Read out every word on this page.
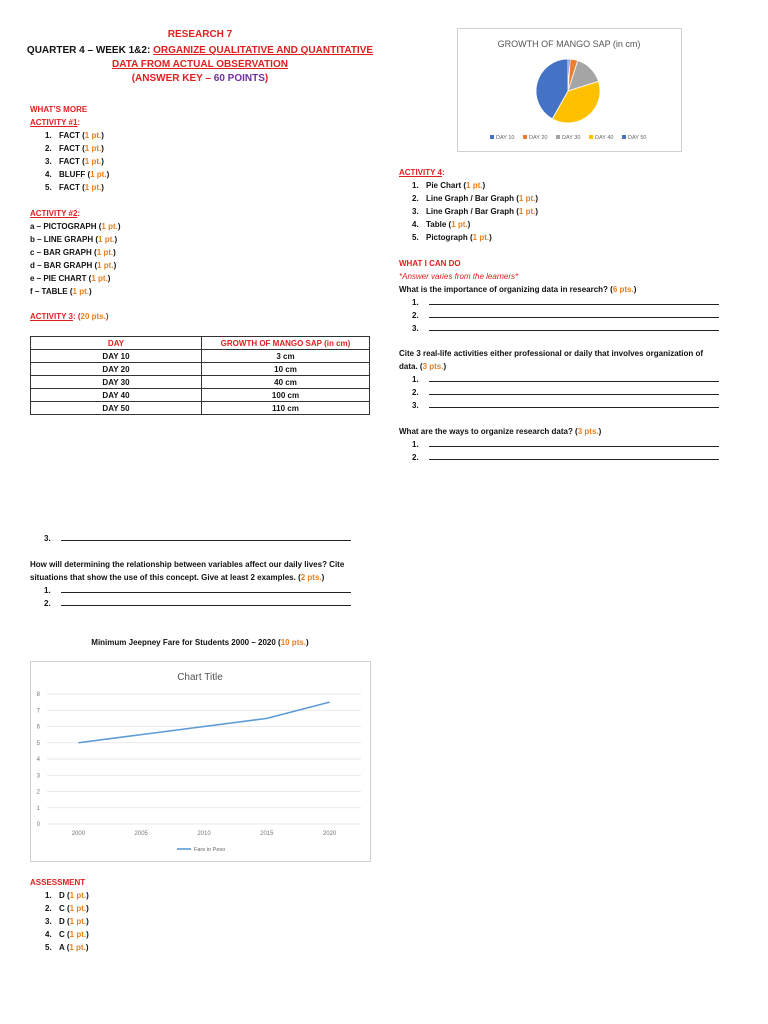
RESEARCH 7
QUARTER 4 – WEEK 1&2: ORGANIZE QUALITATIVE AND QUANTITATIVE
DATA FROM ACTUAL OBSERVATION
(ANSWER KEY – 60 POINTS)
WHAT’S MORE
ACTIVITY #1:
1. FACT (1 pt.)
2. FACT (1 pt.)
3. FACT (1 pt.)
4. BLUFF (1 pt.)
5. FACT (1 pt.)
ACTIVITY #2:
a – PICTOGRAPH (1 pt.)
b – LINE GRAPH (1 pt.)
c – BAR GRAPH (1 pt.)
d – BAR GRAPH (1 pt.)
e – PIE CHART (1 pt.)
f – TABLE (1 pt.)
ACTIVITY 3: (20 pts.)
DAY	GROWTH OF MANGO SAP (in cm)
DAY 10	3 cm
DAY 20	10 cm
DAY 30	40 cm
DAY 40	100 cm
DAY 50	110 cm
3.
How will determining the relationship between variables affect our daily lives? Cite
situations that show the use of this concept. Give at least 2 examples. (2 pts.)
1.
2.
Minimum Jeepney Fare for Students 2000 – 2020 (10 pts.)
Chart Title
0
1
2
3
4
5
6
7
8
2000	2005	2010	2015	2020
Fare in Peso
ASSESSMENT
1. D (1 pt.)
2. C (1 pt.)
3. D (1 pt.)
4. C (1 pt.)
5. A (1 pt.)
GROWTH OF MANGO SAP (in cm)
DAY 10	DAY 20	DAY 30	DAY 40	DAY 50
ACTIVITY 4:
1. Pie Chart (1 pt.)
2. Line Graph / Bar Graph (1 pt.)
3. Line Graph / Bar Graph (1 pt.)
4. Table (1 pt.)
5. Pictograph (1 pt.)
WHAT I CAN DO
*Answer varies from the learners*
What is the importance of organizing data in research? (6 pts.)
1.
2.
3.
Cite 3 real-life activities either professional or daily that involves organization of
data. (3 pts.)
1.
2.
3.
What are the ways to organize research data? (3 pts.)
1.
2.
